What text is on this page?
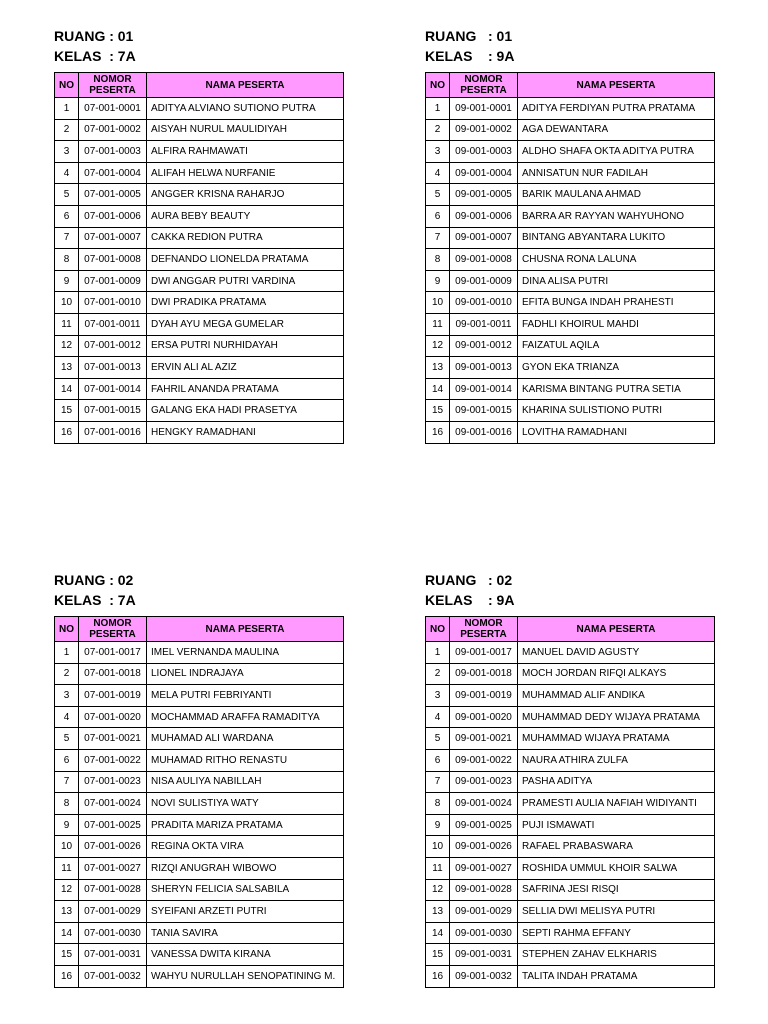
RUANG : 01
KELAS  : 7A
NO	NOMOR PESERTA	NAMA PESERTA
1	07-001-0001	ADITYA ALVIANO SUTIONO PUTRA
2	07-001-0002	AISYAH NURUL MAULIDIYAH
3	07-001-0003	ALFIRA RAHMAWATI
4	07-001-0004	ALIFAH HELWA NURFANIE
5	07-001-0005	ANGGER KRISNA RAHARJO
6	07-001-0006	AURA BEBY BEAUTY
7	07-001-0007	CAKKA REDION PUTRA
8	07-001-0008	DEFNANDO LIONELDA PRATAMA
9	07-001-0009	DWI ANGGAR PUTRI VARDINA
10	07-001-0010	DWI PRADIKA PRATAMA
11	07-001-0011	DYAH AYU MEGA GUMELAR
12	07-001-0012	ERSA PUTRI NURHIDAYAH
13	07-001-0013	ERVIN ALI AL AZIZ
14	07-001-0014	FAHRIL ANANDA PRATAMA
15	07-001-0015	GALANG EKA HADI PRASETYA
16	07-001-0016	HENGKY RAMADHANI
RUANG   : 01
KELAS    : 9A
NO	NOMOR PESERTA	NAMA PESERTA
1	09-001-0001	ADITYA FERDIYAN PUTRA PRATAMA
2	09-001-0002	AGA DEWANTARA
3	09-001-0003	ALDHO SHAFA OKTA ADITYA PUTRA
4	09-001-0004	ANNISATUN NUR FADILAH
5	09-001-0005	BARIK MAULANA AHMAD
6	09-001-0006	BARRA AR RAYYAN WAHYUHONO
7	09-001-0007	BINTANG ABYANTARA LUKITO
8	09-001-0008	CHUSNA RONA LALUNA
9	09-001-0009	DINA ALISA PUTRI
10	09-001-0010	EFITA BUNGA INDAH PRAHESTI
11	09-001-0011	FADHLI KHOIRUL MAHDI
12	09-001-0012	FAIZATUL AQILA
13	09-001-0013	GYON EKA TRIANZA
14	09-001-0014	KARISMA BINTANG PUTRA SETIA
15	09-001-0015	KHARINA SULISTIONO PUTRI
16	09-001-0016	LOVITHA RAMADHANI
RUANG : 02
KELAS  : 7A
NO	NOMOR PESERTA	NAMA PESERTA
1	07-001-0017	IMEL VERNANDA MAULINA
2	07-001-0018	LIONEL INDRAJAYA
3	07-001-0019	MELA PUTRI FEBRIYANTI
4	07-001-0020	MOCHAMMAD ARAFFA RAMADITYA
5	07-001-0021	MUHAMAD ALI WARDANA
6	07-001-0022	MUHAMAD RITHO RENASTU
7	07-001-0023	NISA AULIYA NABILLAH
8	07-001-0024	NOVI SULISTIYA WATY
9	07-001-0025	PRADITA MARIZA PRATAMA
10	07-001-0026	REGINA OKTA VIRA
11	07-001-0027	RIZQI ANUGRAH WIBOWO
12	07-001-0028	SHERYN FELICIA SALSABILA
13	07-001-0029	SYEIFANI ARZETI PUTRI
14	07-001-0030	TANIA SAVIRA
15	07-001-0031	VANESSA DWITA KIRANA
16	07-001-0032	WAHYU NURULLAH SENOPATINING M.
RUANG   : 02
KELAS    : 9A
NO	NOMOR PESERTA	NAMA PESERTA
1	09-001-0017	MANUEL DAVID AGUSTY
2	09-001-0018	MOCH JORDAN RIFQI ALKAYS
3	09-001-0019	MUHAMMAD ALIF ANDIKA
4	09-001-0020	MUHAMMAD DEDY WIJAYA PRATAMA
5	09-001-0021	MUHAMMAD WIJAYA PRATAMA
6	09-001-0022	NAURA ATHIRA ZULFA
7	09-001-0023	PASHA ADITYA
8	09-001-0024	PRAMESTI AULIA NAFIAH WIDIYANTI
9	09-001-0025	PUJI ISMAWATI
10	09-001-0026	RAFAEL PRABASWARA
11	09-001-0027	ROSHIDA UMMUL KHOIR SALWA
12	09-001-0028	SAFRINA JESI RISQI
13	09-001-0029	SELLIA DWI MELISYA PUTRI
14	09-001-0030	SEPTI RAHMA EFFANY
15	09-001-0031	STEPHEN ZAHAV ELKHARIS
16	09-001-0032	TALITA INDAH PRATAMA
